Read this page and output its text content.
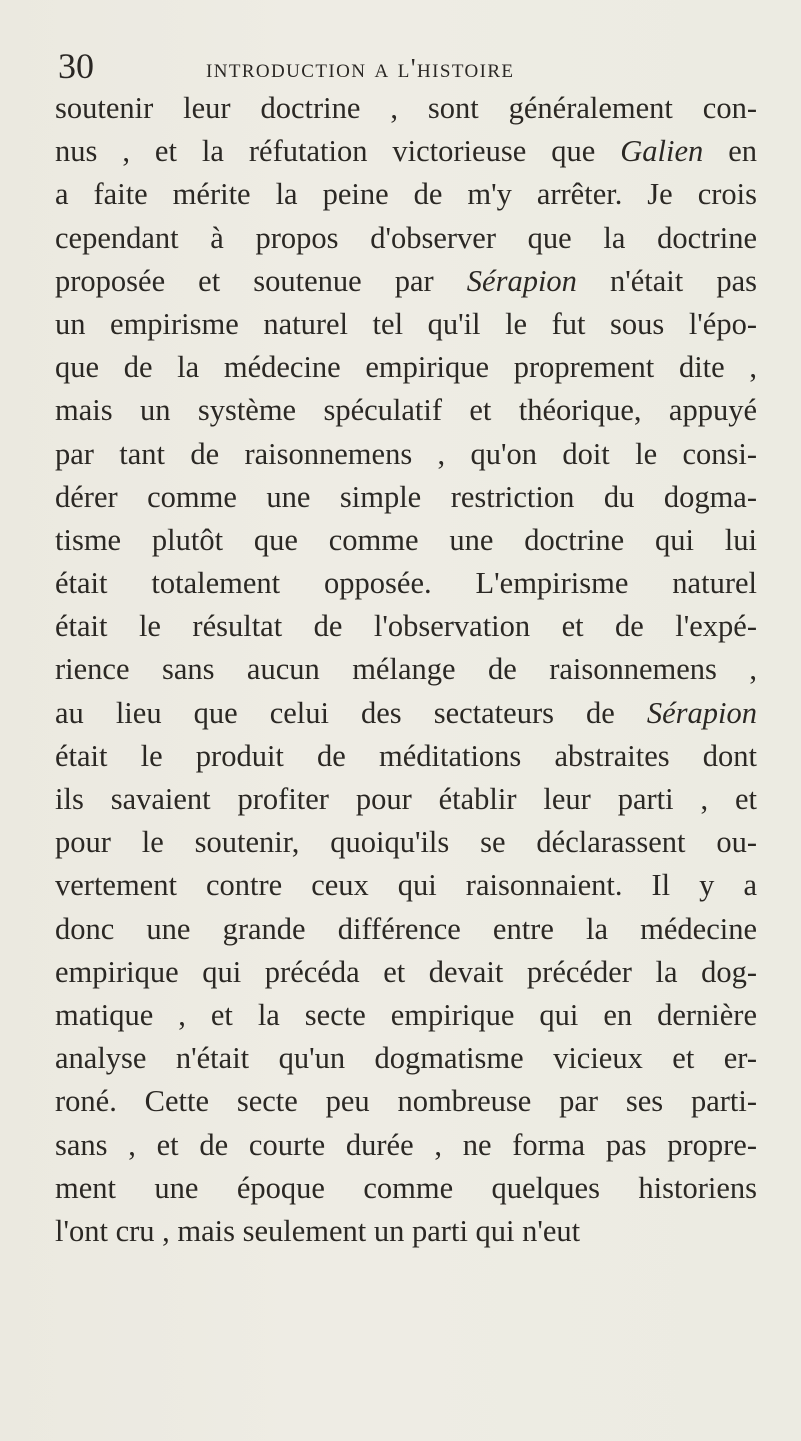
30	introduction a l'histoire
soutenir leur doctrine , sont généralement con-
nus , et la réfutation victorieuse que Galien en
a faite mérite la peine de m'y arrêter. Je crois
cependant à propos d'observer que la doctrine
proposée et soutenue par Sérapion n'était pas
un empirisme naturel tel qu'il le fut sous l'épo-
que de la médecine empirique proprement dite ,
mais un système spéculatif et théorique, appuyé
par tant de raisonnemens , qu'on doit le consi-
dérer comme une simple restriction du dogma-
tisme plutôt que comme une doctrine qui lui
était totalement opposée. L'empirisme naturel
était le résultat de l'observation et de l'expé-
rience sans aucun mélange de raisonnemens ,
au lieu que celui des sectateurs de Sérapion
était le produit de méditations abstraites dont
ils savaient profiter pour établir leur parti , et
pour le soutenir, quoiqu'ils se déclarassent ou-
vertement contre ceux qui raisonnaient. Il y a
donc une grande différence entre la médecine
empirique qui précéda et devait précéder la dog-
matique , et la secte empirique qui en dernière
analyse n'était qu'un dogmatisme vicieux et er-
roné. Cette secte peu nombreuse par ses parti-
sans , et de courte durée , ne forma pas propre-
ment une époque comme quelques historiens
l'ont cru , mais seulement un parti qui n'eut
